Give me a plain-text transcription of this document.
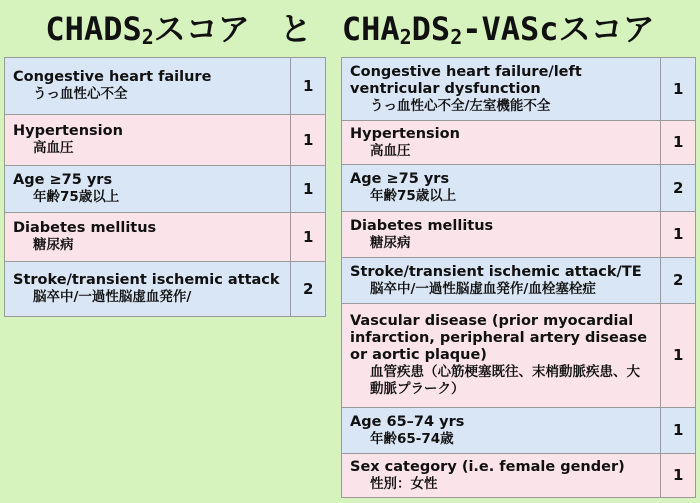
$CHADS_2$スコア と $CHA_2DS_2$-VAScスコア
Congestive heart failure
うっ血性心不全	1

Hypertension
高血圧	1

Age ≥75 yrs
年齢75歳以上	1

Diabetes mellitus
糖尿病	1

Stroke/transient ischemic attack
脳卒中/一過性脳虚血発作/	2
Congestive heart failure/left ventricular dysfunction
うっ血性心不全/左室機能不全	1

Hypertension
高血圧	1

Age ≥75 yrs
年齢75歳以上	2

Diabetes mellitus
糖尿病	1

Stroke/transient ischemic attack/TE
脳卒中/一過性脳虚血発作/血栓塞栓症	2

Vascular disease (prior myocardial infarction, peripheral artery disease or aortic plaque)
血管疾患（心筋梗塞既往、末梢動脈疾患、大動脈プラーク）	1

Age 65–74 yrs
年齢65-74歳	1

Sex category (i.e. female gender)
性別：女性	1
